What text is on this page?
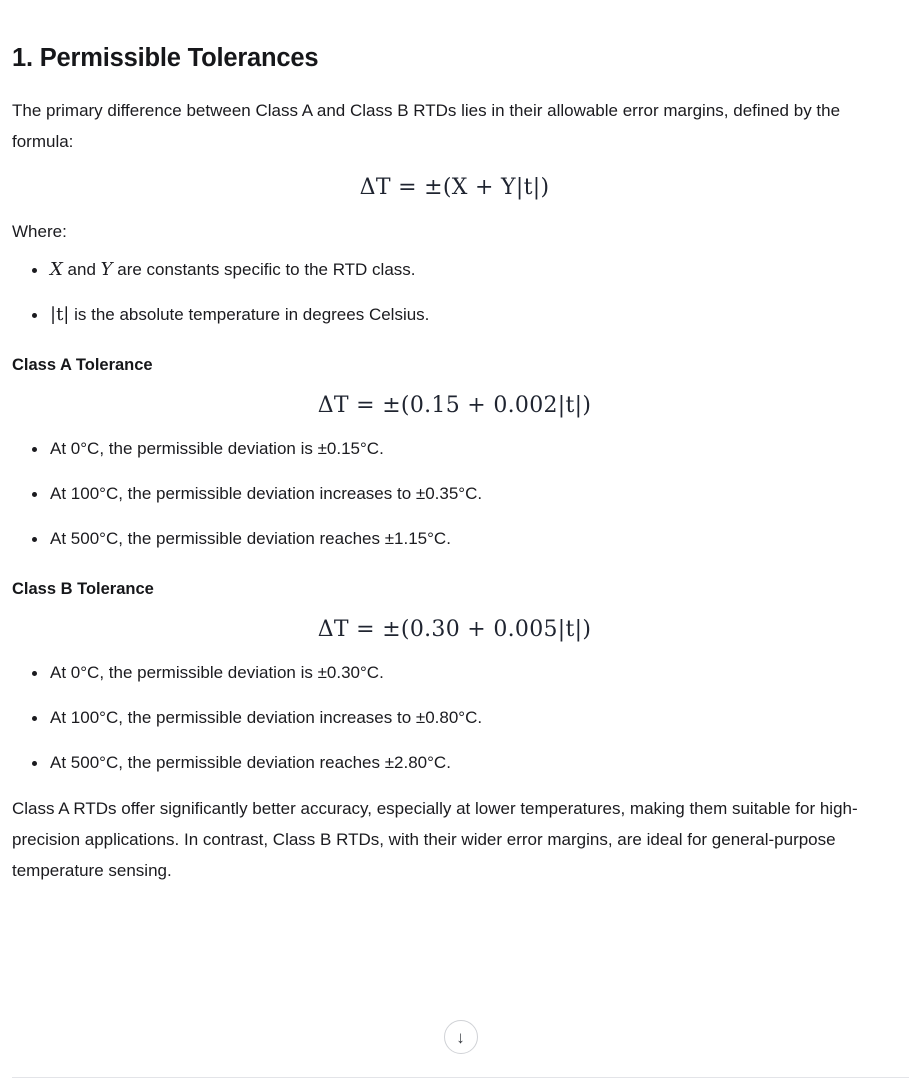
1. Permissible Tolerances

The primary difference between Class A and Class B RTDs lies in their allowable error margins, defined by the formula:

ΔT = ±(X + Y|t|)

Where:

X and Y are constants specific to the RTD class.
|t| is the absolute temperature in degrees Celsius.
Class A Tolerance
ΔT = ±(0.15 + 0.002|t|)
At 0°C, the permissible deviation is ±0.15°C.
At 100°C, the permissible deviation increases to ±0.35°C.
At 500°C, the permissible deviation reaches ±1.15°C.
Class B Tolerance
ΔT = ±(0.30 + 0.005|t|)
At 0°C, the permissible deviation is ±0.30°C.
At 100°C, the permissible deviation increases to ±0.80°C.
At 500°C, the permissible deviation reaches ±2.80°C.

Class A RTDs offer significantly better accuracy, especially at lower temperatures, making them suitable for high-precision applications. In contrast, Class B RTDs, with their wider error margins, are ideal for general-purpose temperature sensing.

↓
